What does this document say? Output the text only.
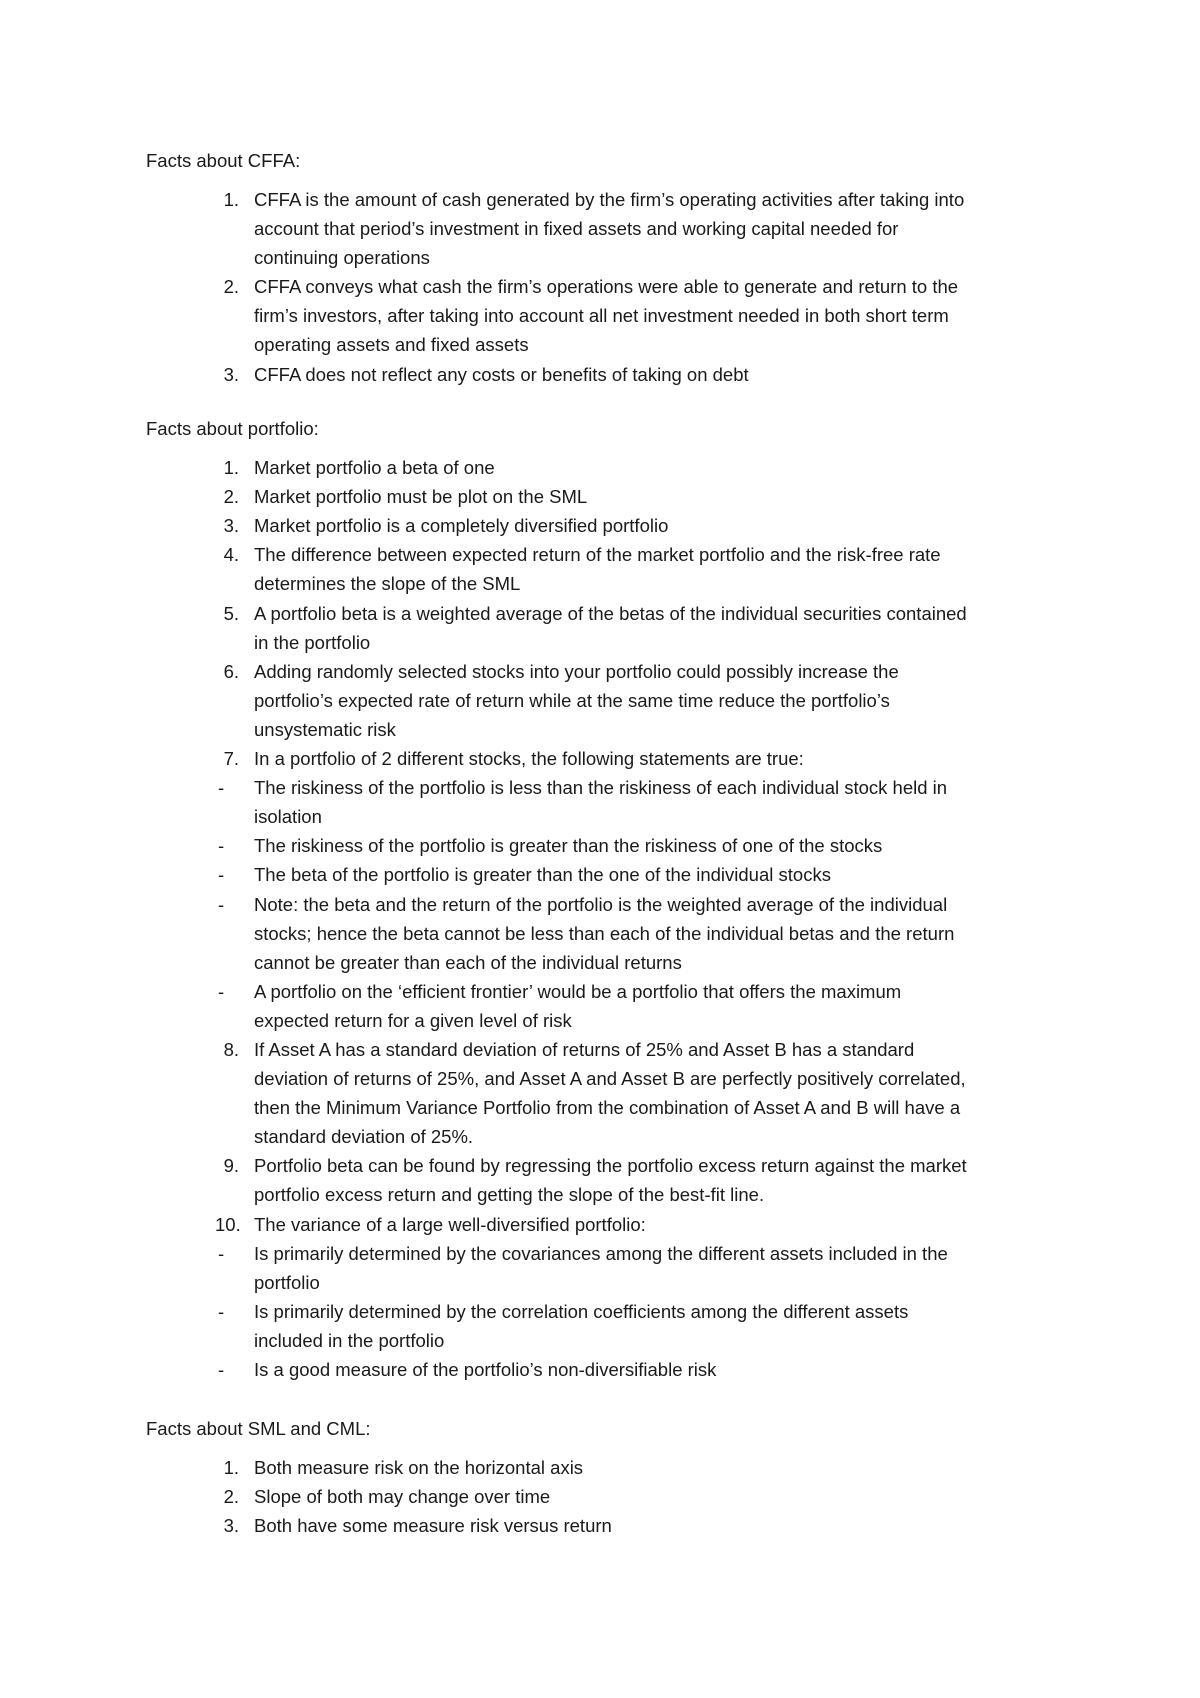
Facts about CFFA:
1. CFFA is the amount of cash generated by the firm’s operating activities after taking into
account that period’s investment in fixed assets and working capital needed for
continuing operations
2. CFFA conveys what cash the firm’s operations were able to generate and return to the
firm’s investors, after taking into account all net investment needed in both short term
operating assets and fixed assets
3. CFFA does not reflect any costs or benefits of taking on debt
Facts about portfolio:
1. Market portfolio a beta of one
2. Market portfolio must be plot on the SML
3. Market portfolio is a completely diversified portfolio
4. The difference between expected return of the market portfolio and the risk-free rate
determines the slope of the SML
5. A portfolio beta is a weighted average of the betas of the individual securities contained
in the portfolio
6. Adding randomly selected stocks into your portfolio could possibly increase the
portfolio’s expected rate of return while at the same time reduce the portfolio’s
unsystematic risk
7. In a portfolio of 2 different stocks, the following statements are true:
- The riskiness of the portfolio is less than the riskiness of each individual stock held in
isolation
- The riskiness of the portfolio is greater than the riskiness of one of the stocks
- The beta of the portfolio is greater than the one of the individual stocks
- Note: the beta and the return of the portfolio is the weighted average of the individual
stocks; hence the beta cannot be less than each of the individual betas and the return
cannot be greater than each of the individual returns
- A portfolio on the ‘efficient frontier’ would be a portfolio that offers the maximum
expected return for a given level of risk
8. If Asset A has a standard deviation of returns of 25% and Asset B has a standard
deviation of returns of 25%, and Asset A and Asset B are perfectly positively correlated,
then the Minimum Variance Portfolio from the combination of Asset A and B will have a
standard deviation of 25%.
9. Portfolio beta can be found by regressing the portfolio excess return against the market
portfolio excess return and getting the slope of the best-fit line.
10. The variance of a large well-diversified portfolio:
- Is primarily determined by the covariances among the different assets included in the
portfolio
- Is primarily determined by the correlation coefficients among the different assets
included in the portfolio
- Is a good measure of the portfolio’s non-diversifiable risk
Facts about SML and CML:
1. Both measure risk on the horizontal axis
2. Slope of both may change over time
3. Both have some measure risk versus return
